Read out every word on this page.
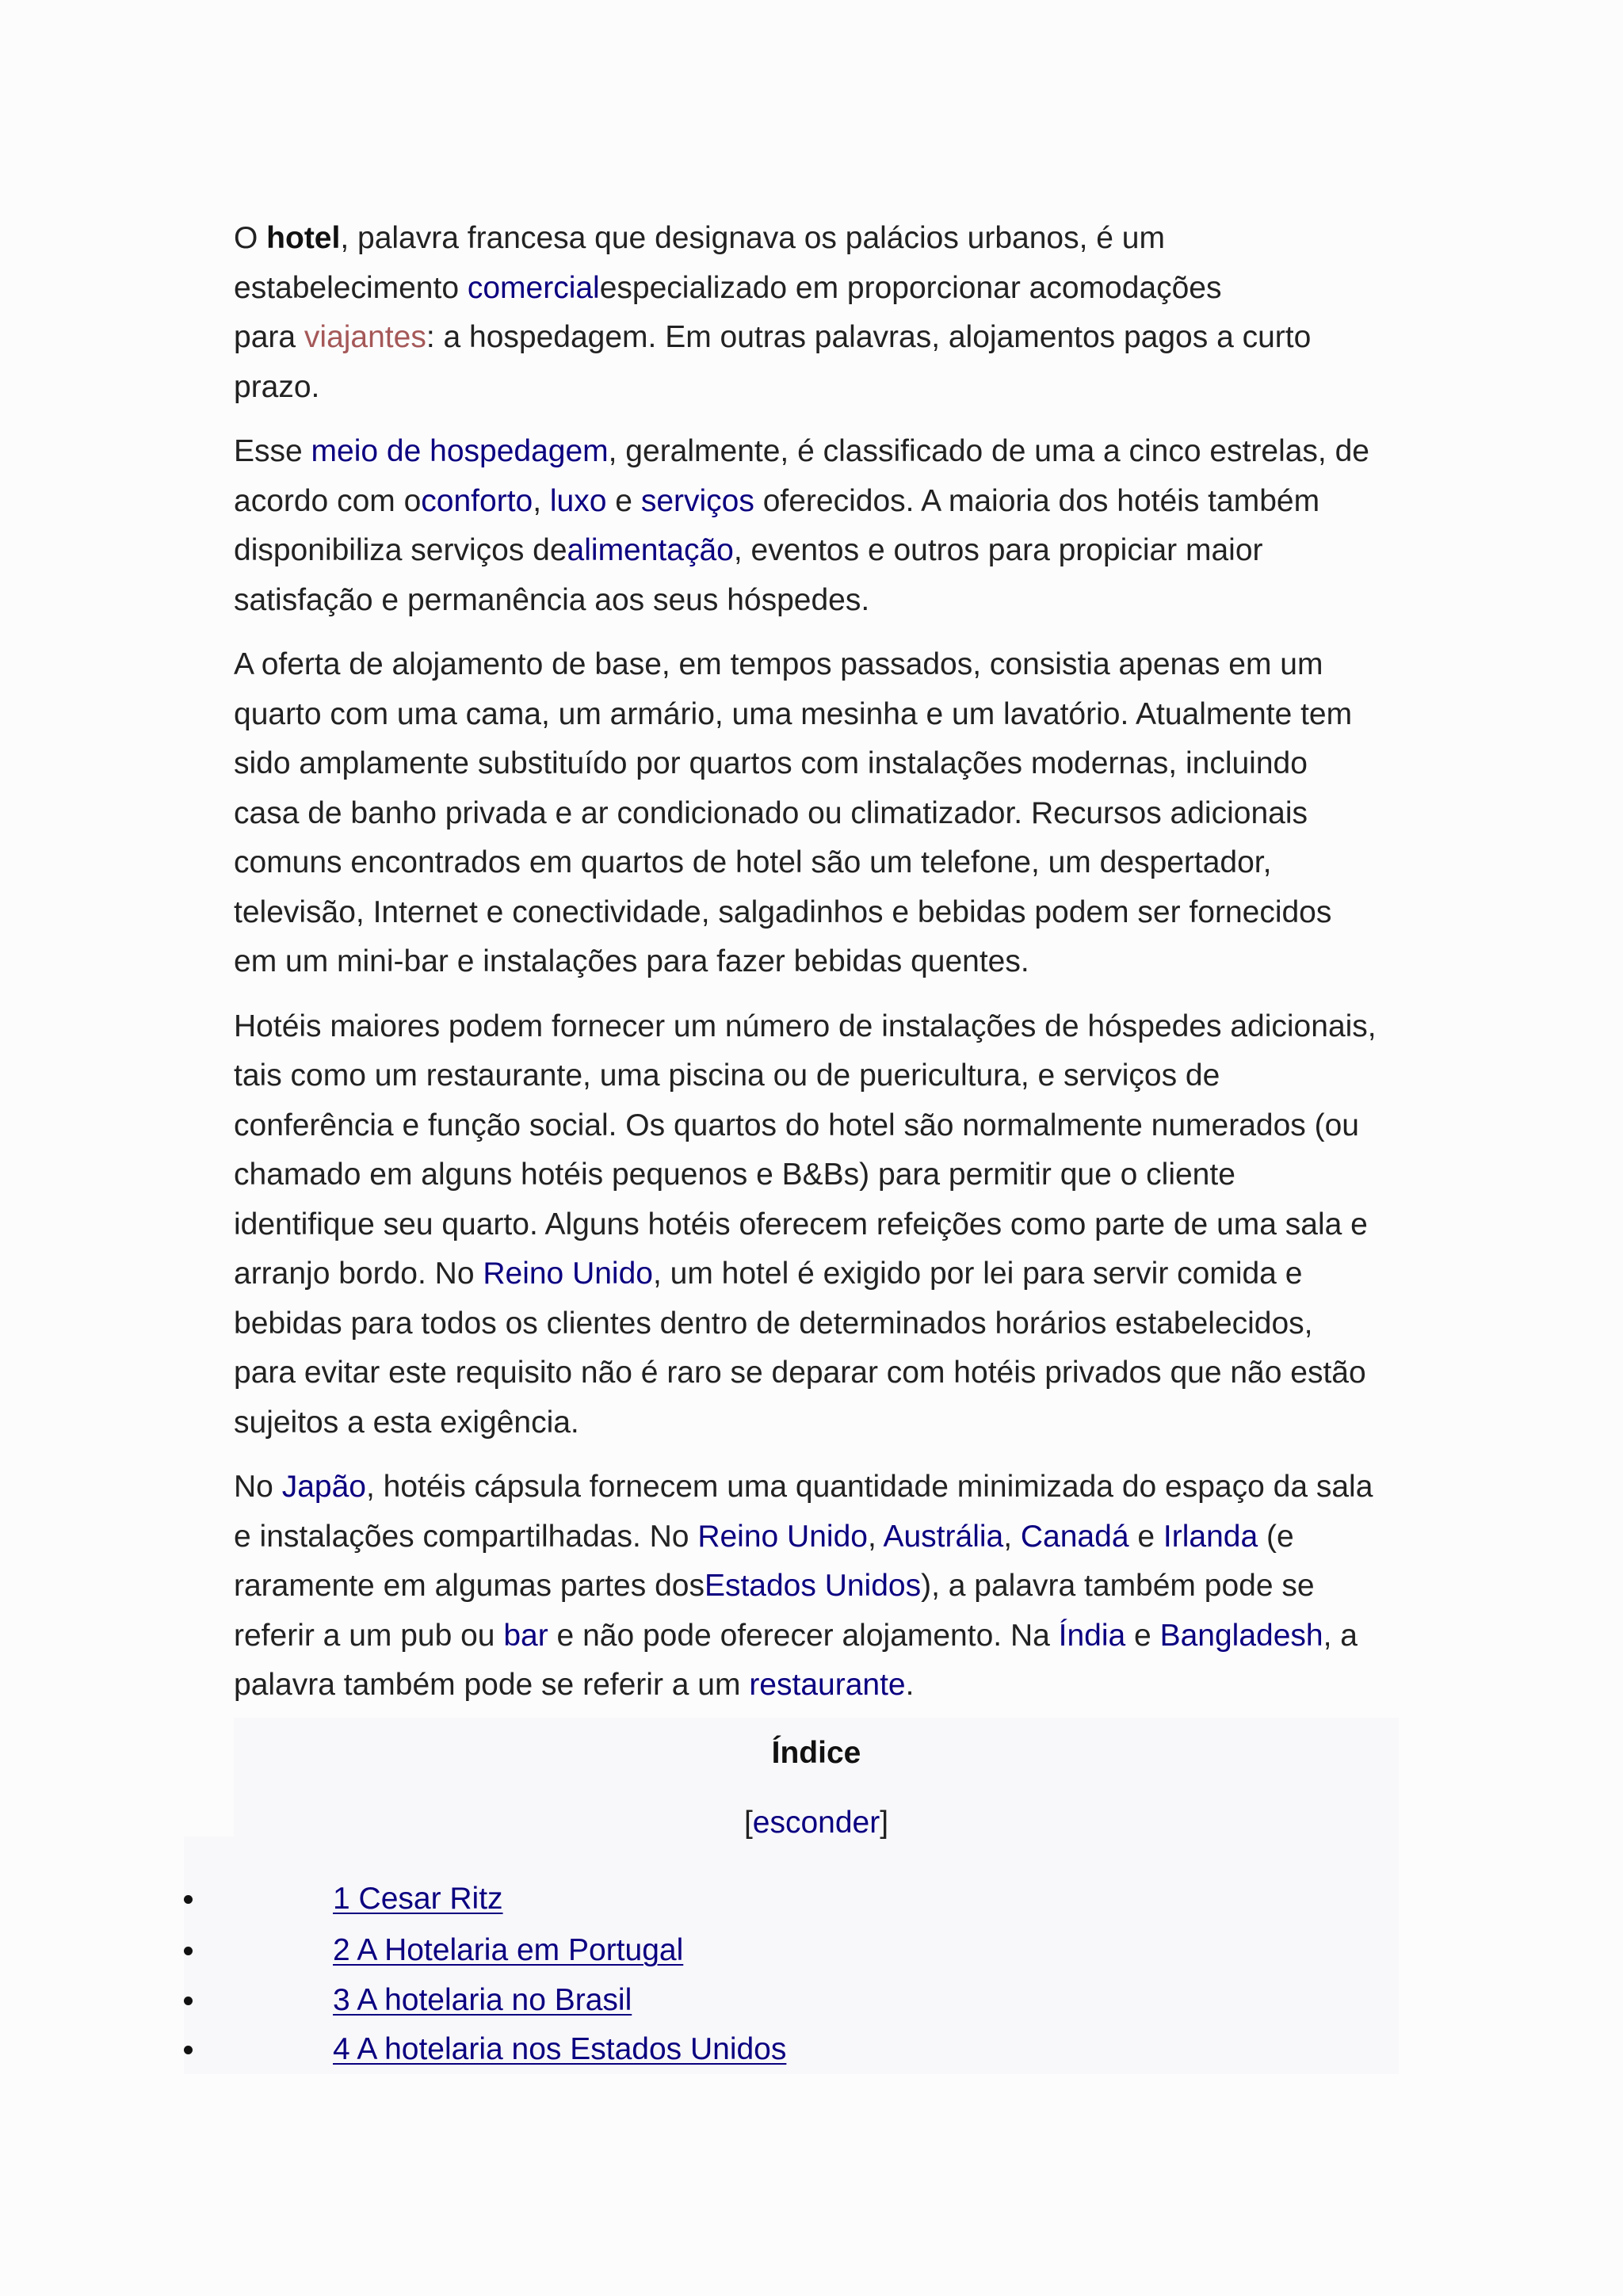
O hotel, palavra francesa que designava os palácios urbanos, é um
estabelecimento comercialespecializado em proporcionar acomodações
para viajantes: a hospedagem. Em outras palavras, alojamentos pagos a curto
prazo.

Esse meio de hospedagem, geralmente, é classificado de uma a cinco estrelas, de
acordo com oconforto, luxo e serviços oferecidos. A maioria dos hotéis também
disponibiliza serviços dealimentação, eventos e outros para propiciar maior
satisfação e permanência aos seus hóspedes.

A oferta de alojamento de base, em tempos passados, consistia apenas em um
quarto com uma cama, um armário, uma mesinha e um lavatório. Atualmente tem
sido amplamente substituído por quartos com instalações modernas, incluindo
casa de banho privada e ar condicionado ou climatizador. Recursos adicionais
comuns encontrados em quartos de hotel são um telefone, um despertador,
televisão, Internet e conectividade, salgadinhos e bebidas podem ser fornecidos
em um mini-bar e instalações para fazer bebidas quentes.

Hotéis maiores podem fornecer um número de instalações de hóspedes adicionais,
tais como um restaurante, uma piscina ou de puericultura, e serviços de
conferência e função social. Os quartos do hotel são normalmente numerados (ou
chamado em alguns hotéis pequenos e B&Bs) para permitir que o cliente
identifique seu quarto. Alguns hotéis oferecem refeições como parte de uma sala e
arranjo bordo. No Reino Unido, um hotel é exigido por lei para servir comida e
bebidas para todos os clientes dentro de determinados horários estabelecidos,
para evitar este requisito não é raro se deparar com hotéis privados que não estão
sujeitos a esta exigência.

No Japão, hotéis cápsula fornecem uma quantidade minimizada do espaço da sala
e instalações compartilhadas. No Reino Unido, Austrália, Canadá e Irlanda (e
raramente em algumas partes dosEstados Unidos), a palavra também pode se
referir a um pub ou bar e não pode oferecer alojamento. Na Índia e Bangladesh, a
palavra também pode se referir a um restaurante.

Índice
[esconder]
1 Cesar Ritz
2 A Hotelaria em Portugal
3 A hotelaria no Brasil
4 A hotelaria nos Estados Unidos
